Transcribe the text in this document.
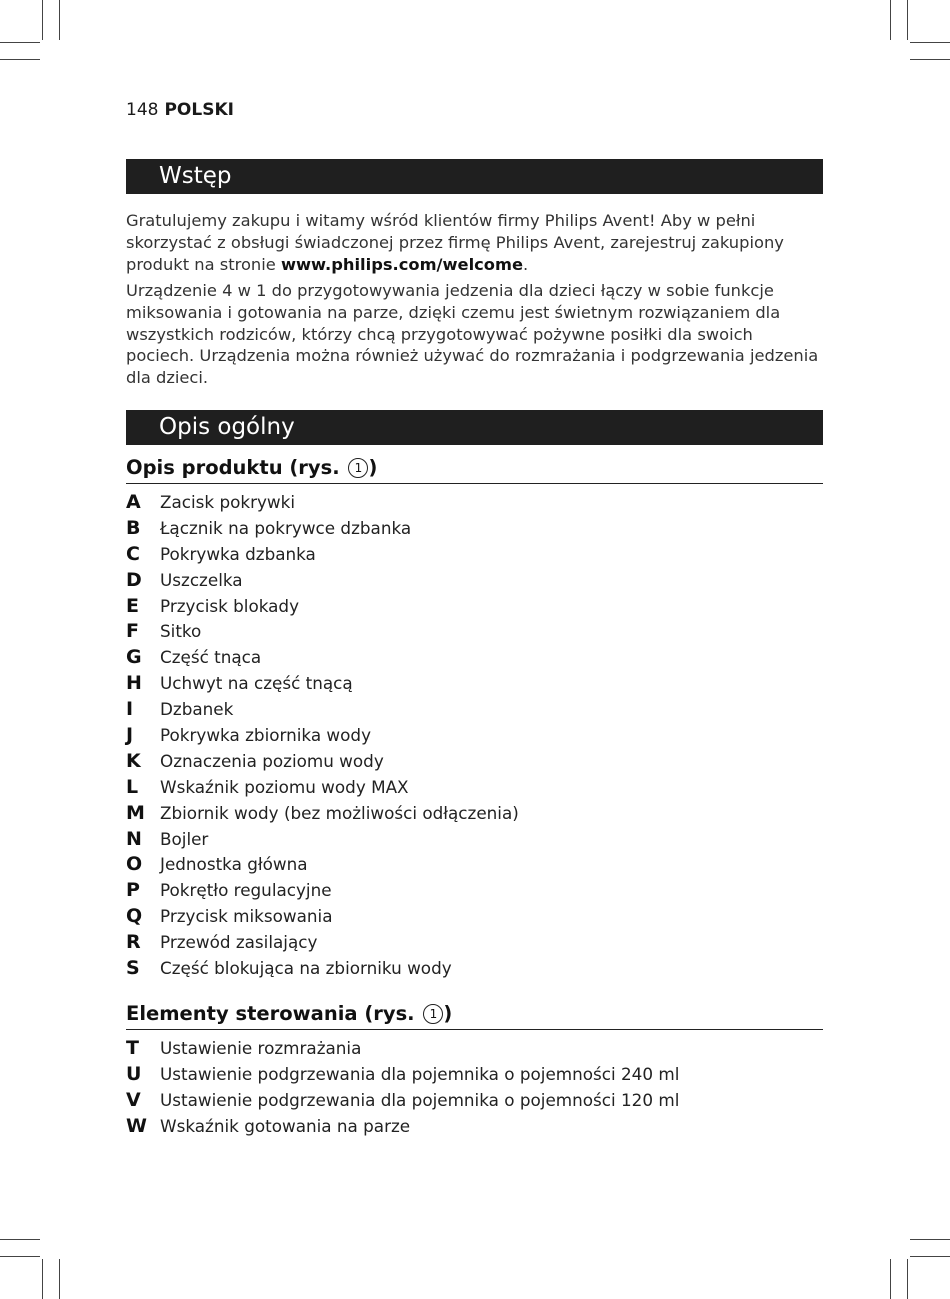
148 POLSKI
Wstęp

Gratulujemy zakupu i witamy wśród klientów firmy Philips Avent! Aby w pełni skorzystać z obsługi świadczonej przez firmę Philips Avent, zarejestruj zakupiony produkt na stronie www.philips.com/welcome.

Urządzenie 4 w 1 do przygotowywania jedzenia dla dzieci łączy w sobie funkcje miksowania i gotowania na parze, dzięki czemu jest świetnym rozwiązaniem dla wszystkich rodziców, którzy chcą przygotowywać pożywne posiłki dla swoich pociech. Urządzenia można również używać do rozmrażania i podgrzewania jedzenia dla dzieci.

Opis ogólny
Opis produktu (rys. 1 )
A	Zacisk pokrywki
B	Łącznik na pokrywce dzbanka
C	Pokrywka dzbanka
D	Uszczelka
E	Przycisk blokady
F	Sitko
G	Część tnąca
H	Uchwyt na część tnącą
I	Dzbanek
J	Pokrywka zbiornika wody
K	Oznaczenia poziomu wody
L	Wskaźnik poziomu wody MAX
M Zbiornik wody (bez możliwości odłączenia)
N	Bojler
O	Jednostka główna
P	Pokrętło regulacyjne
Q	Przycisk miksowania
R	Przewód zasilający
S	Część blokująca na zbiorniku wody
Elementy sterowania (rys. 1 )
T	Ustawienie rozmrażania
U	Ustawienie podgrzewania dla pojemnika o pojemności 240 ml
V	Ustawienie podgrzewania dla pojemnika o pojemności 120 ml
W Wskaźnik gotowania na parze
